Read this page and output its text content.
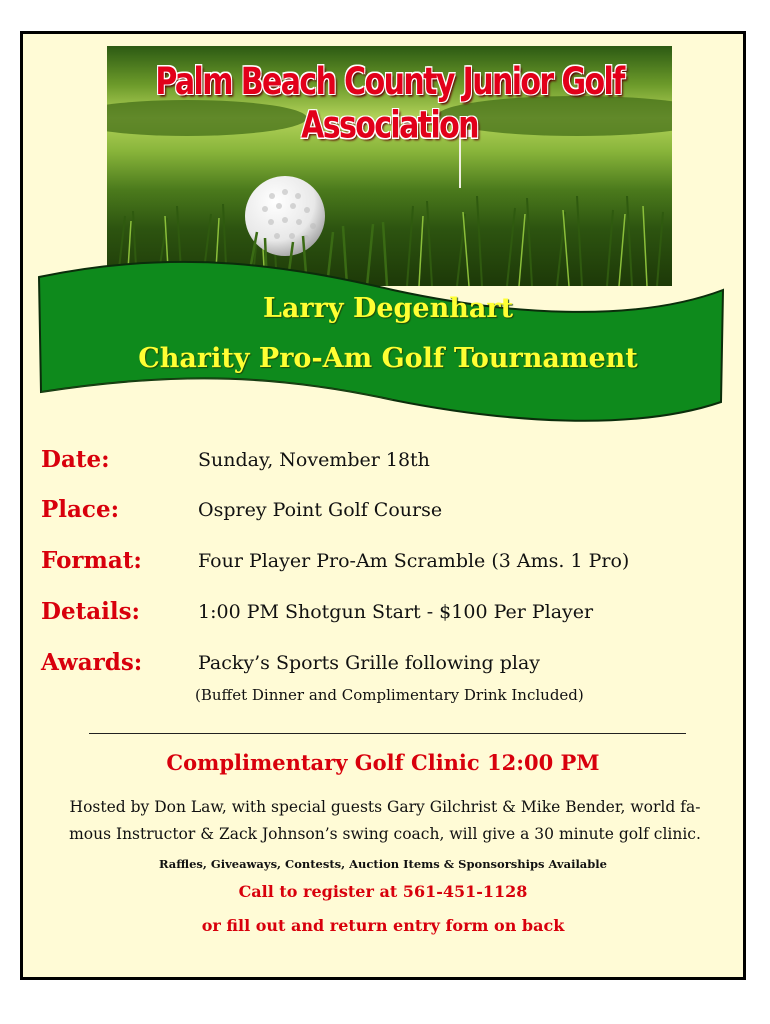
Palm Beach County Junior Golf Association
Larry Degenhart
Charity Pro-Am Golf Tournament
Date:	Sunday, November 18th
Place:	Osprey Point Golf Course
Format:	Four Player Pro-Am Scramble (3 Ams. 1 Pro)
Details:	1:00 PM Shotgun Start - $100 Per Player
Awards:	Packy’s Sports Grille following play
(Buffet Dinner and Complimentary Drink Included)
Complimentary Golf Clinic 12:00 PM
Hosted by Don Law, with special guests Gary Gilchrist & Mike Bender, world fa-
mous Instructor & Zack Johnson’s swing coach, will give a 30 minute golf clinic.
Raffles, Giveaways, Contests, Auction Items & Sponsorships Available
Call to register at 561-451-1128
or fill out and return entry form on back
